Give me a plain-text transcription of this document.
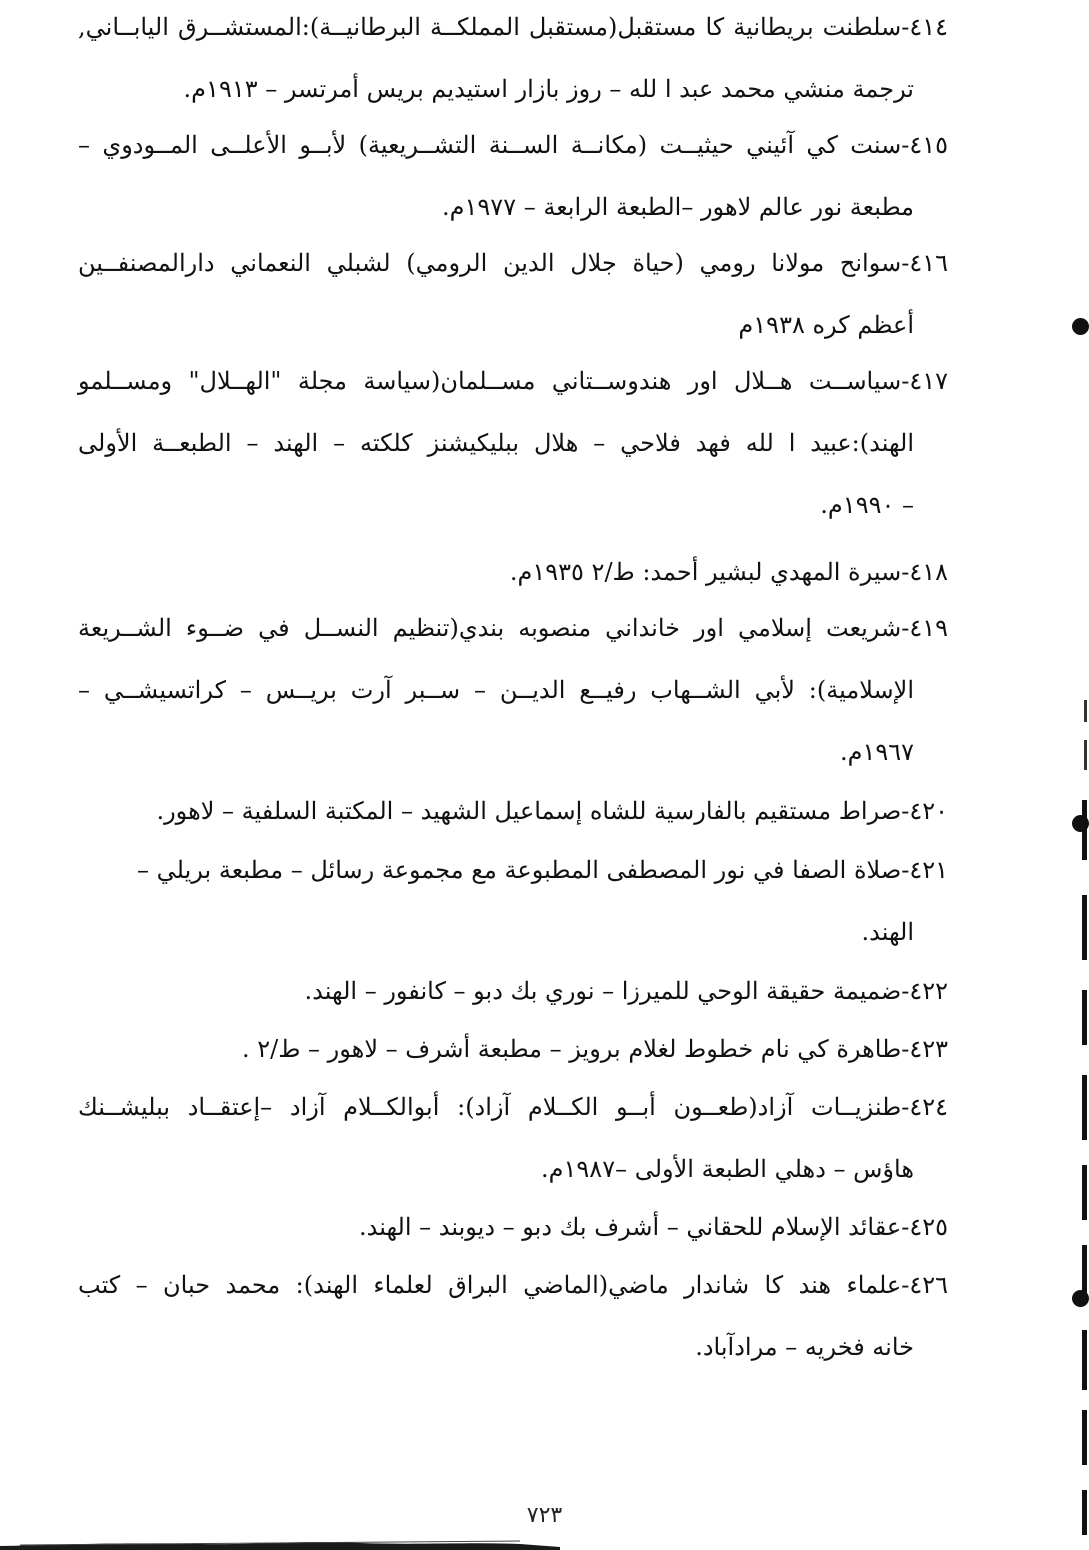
٤١٤-سلطنت بريطانية كا مستقبل(مستقبل المملكــة البرطانيــة):المستشــرق اليابــاني,
ترجمة منشي محمد عبد ا لله – روز بازار استيديم بريس أمرتسر – ١٩١٣م.
٤١٥-سنت كي آئيني حيثيــت (مكانــة الســنة التشــريعية) لأبــو الأعلــى المــودوي –
مطبعة نور عالم لاهور –الطبعة الرابعة – ١٩٧٧م.
٤١٦-سوانح مولانا رومي (حياة جلال الدين الرومي) لشبلي النعماني دارالمصنفــين
أعظم كره ١٩٣٨م
٤١٧-سياســت هــلال اور هندوســتاني مســلمان(سياسة مجلة "الهــلال" ومســلمو
الهند):عبيد ا لله فهد فلاحي – هلال ببليكيشنز كلكته – الهند – الطبعــة الأولى
– ١٩٩٠م.
٤١٨-سيرة المهدي لبشير أحمد: ط/٢ ١٩٣٥م.
٤١٩-شريعت إسلامي اور خانداني منصوبه بندي(تنظيم النســل في ضــوء الشــريعة
الإسلامية): لأبي الشــهاب رفيــع الديــن – ســبر آرت بريــس – كراتسيشــي –
١٩٦٧م.
٤٢٠-صراط مستقيم بالفارسية للشاه إسماعيل الشهيد – المكتبة السلفية – لاهور.
٤٢١-صلاة الصفا في نور المصطفى المطبوعة مع مجموعة رسائل – مطبعة بريلي –
الهند.
٤٢٢-ضميمة حقيقة الوحي للميرزا – نوري بك دبو – كانفور – الهند.
٤٢٣-طاهرة كي نام خطوط لغلام برويز – مطبعة أشرف – لاهور – ط/٢ .
٤٢٤-طنزيــات آزاد(طعــون أبــو الكــلام آزاد): أبوالكــلام آزاد –إعتقــاد ببليشــنك
هاؤس – دهلي الطبعة الأولى –١٩٨٧م.
٤٢٥-عقائد الإسلام للحقاني – أشرف بك دبو – ديوبند – الهند.
٤٢٦-علماء هند كا شاندار ماضي(الماضي البراق لعلماء الهند): محمد حبان – كتب
خانه فخريه – مرادآباد.
٧٢٣
